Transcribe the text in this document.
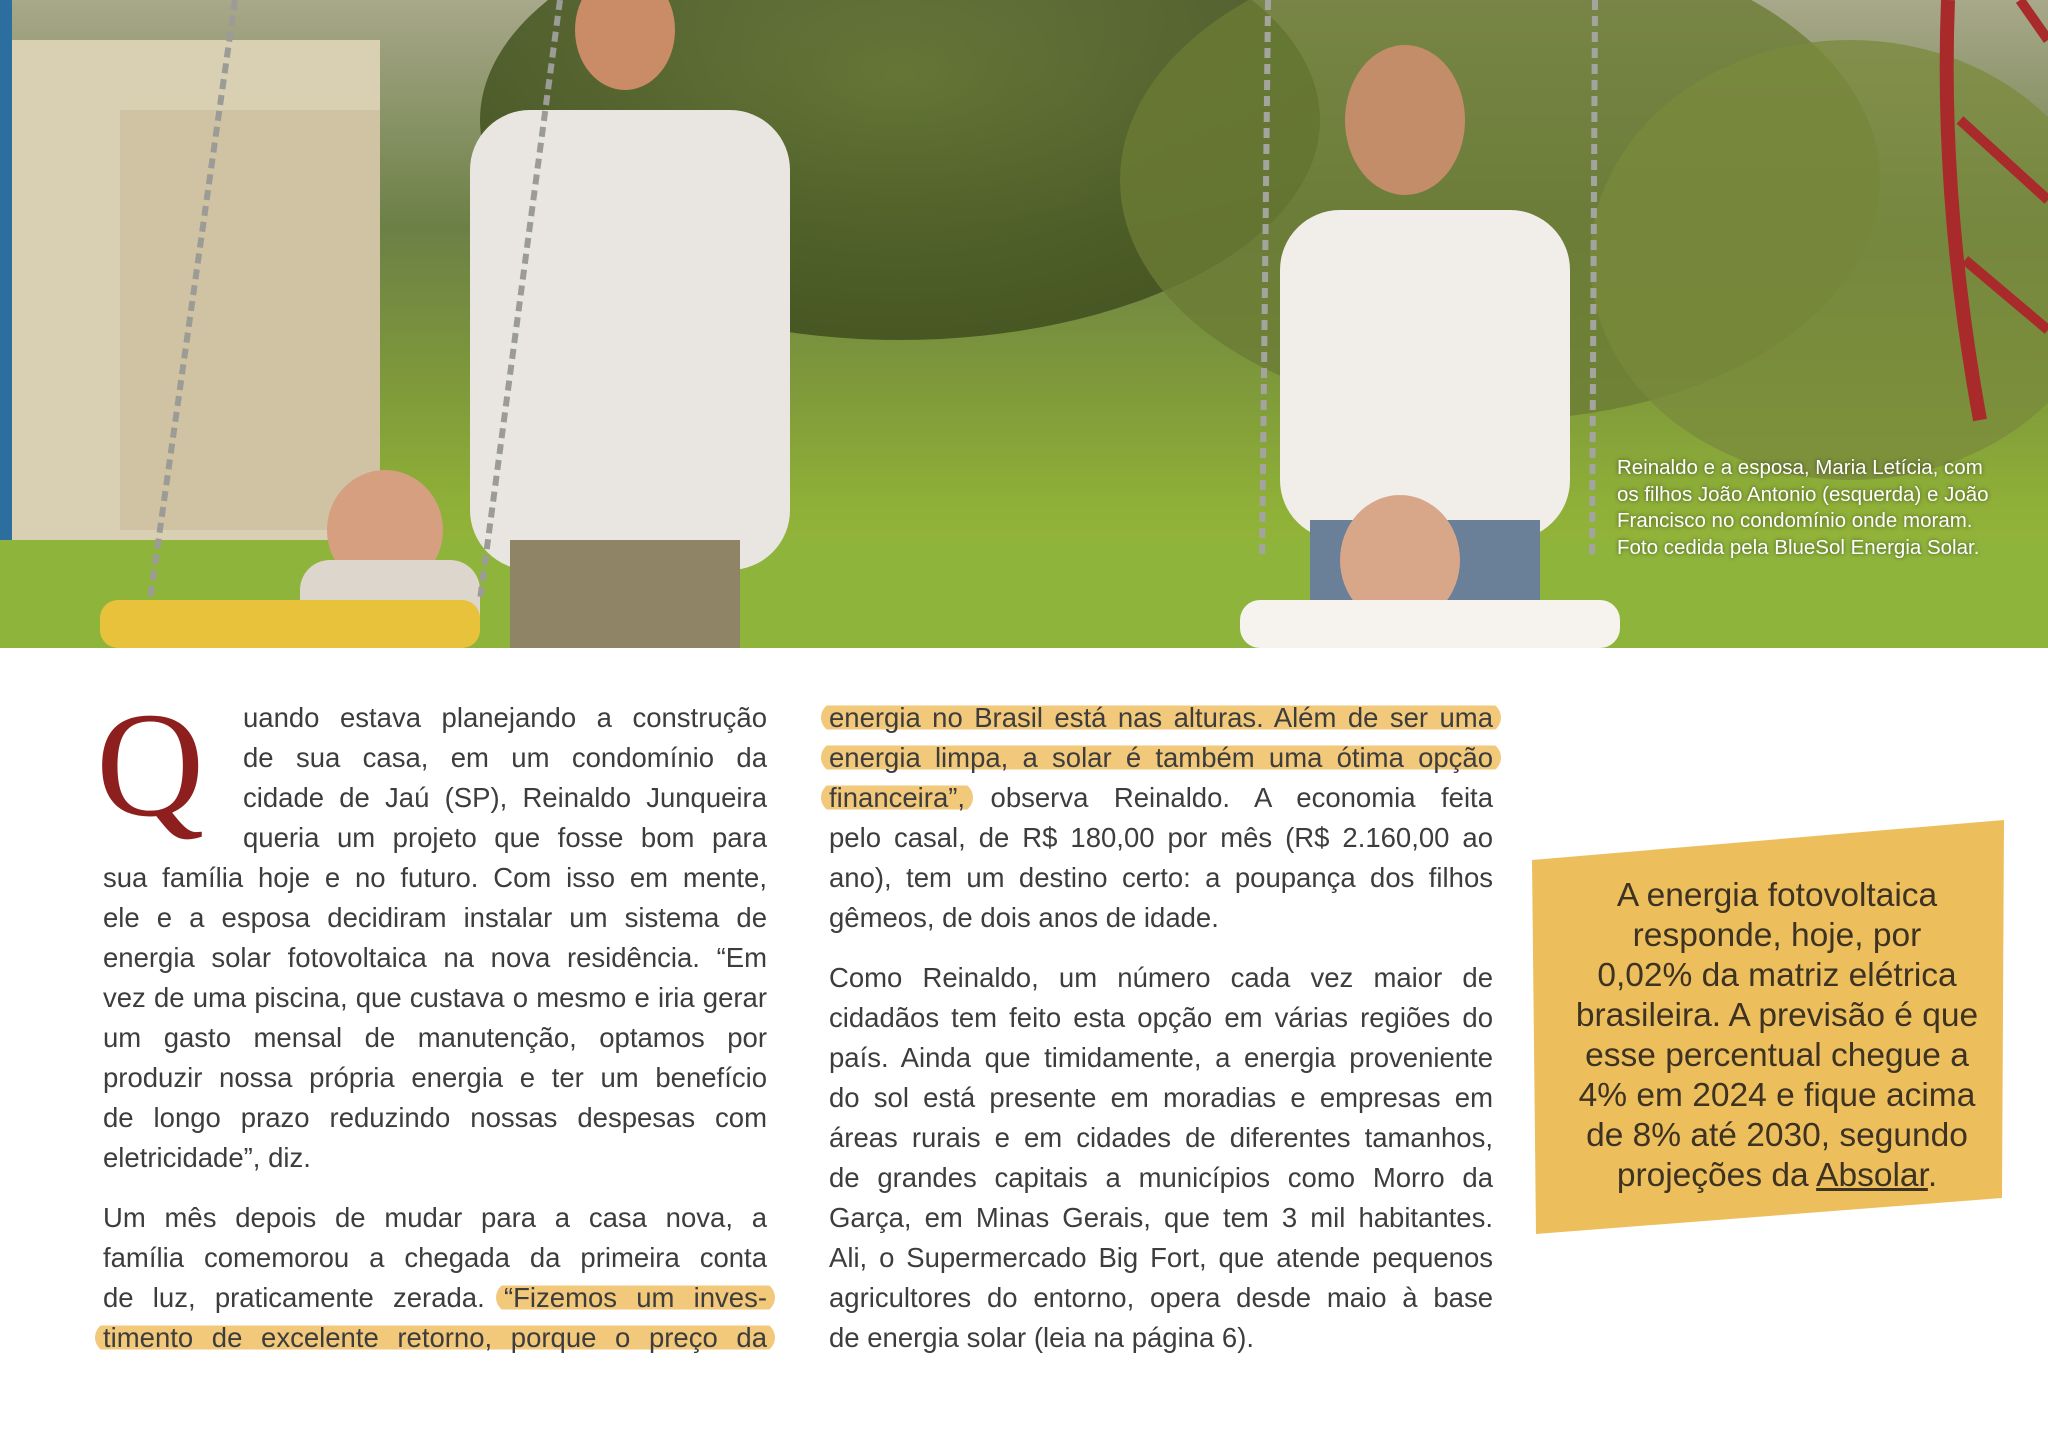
Reinaldo e a esposa, Maria Letícia, com os filhos João Antonio (esquerda) e João Francisco no condomínio onde moram. Foto cedida pela BlueSol Energia Solar.
Q	uando estava planejando a construção
de sua casa, em um condomínio da
cidade de Jaú (SP), Reinaldo Junqueira
queria um projeto que fosse bom para
sua família hoje e no futuro. Com isso em mente,
ele e a esposa decidiram instalar um sistema de
energia solar fotovoltaica na nova residência. “Em
vez de uma piscina, que custava o mesmo e iria gerar
um gasto mensal de manutenção, optamos por
produzir nossa própria energia e ter um benefício
de longo prazo reduzindo nossas despesas com
eletricidade”, diz.

Um mês depois de mudar para a casa nova, a
família comemorou a chegada da primeira conta
de luz, praticamente zerada. “Fizemos um inves-
timento de excelente retorno, porque o preço da

energia no Brasil está nas alturas. Além de ser uma
energia limpa, a solar é também uma ótima opção
financeira”, observa Reinaldo. A economia feita
pelo casal, de R$ 180,00 por mês (R$ 2.160,00 ao
ano), tem um destino certo: a poupança dos filhos
gêmeos, de dois anos de idade.

Como Reinaldo, um número cada vez maior de
cidadãos tem feito esta opção em várias regiões do
país. Ainda que timidamente, a energia proveniente
do sol está presente em moradias e empresas em
áreas rurais e em cidades de diferentes tamanhos,
de grandes capitais a municípios como Morro da
Garça, em Minas Gerais, que tem 3 mil habitantes.
Ali, o Supermercado Big Fort, que atende pequenos
agricultores do entorno, opera desde maio à base
de energia solar (leia na página 6).

A energia fotovoltaica
responde, hoje, por
0,02% da matriz elétrica
brasileira. A previsão é que
esse percentual chegue a
4% em 2024 e fique acima
de 8% até 2030, segundo
projeções da Absolar.
